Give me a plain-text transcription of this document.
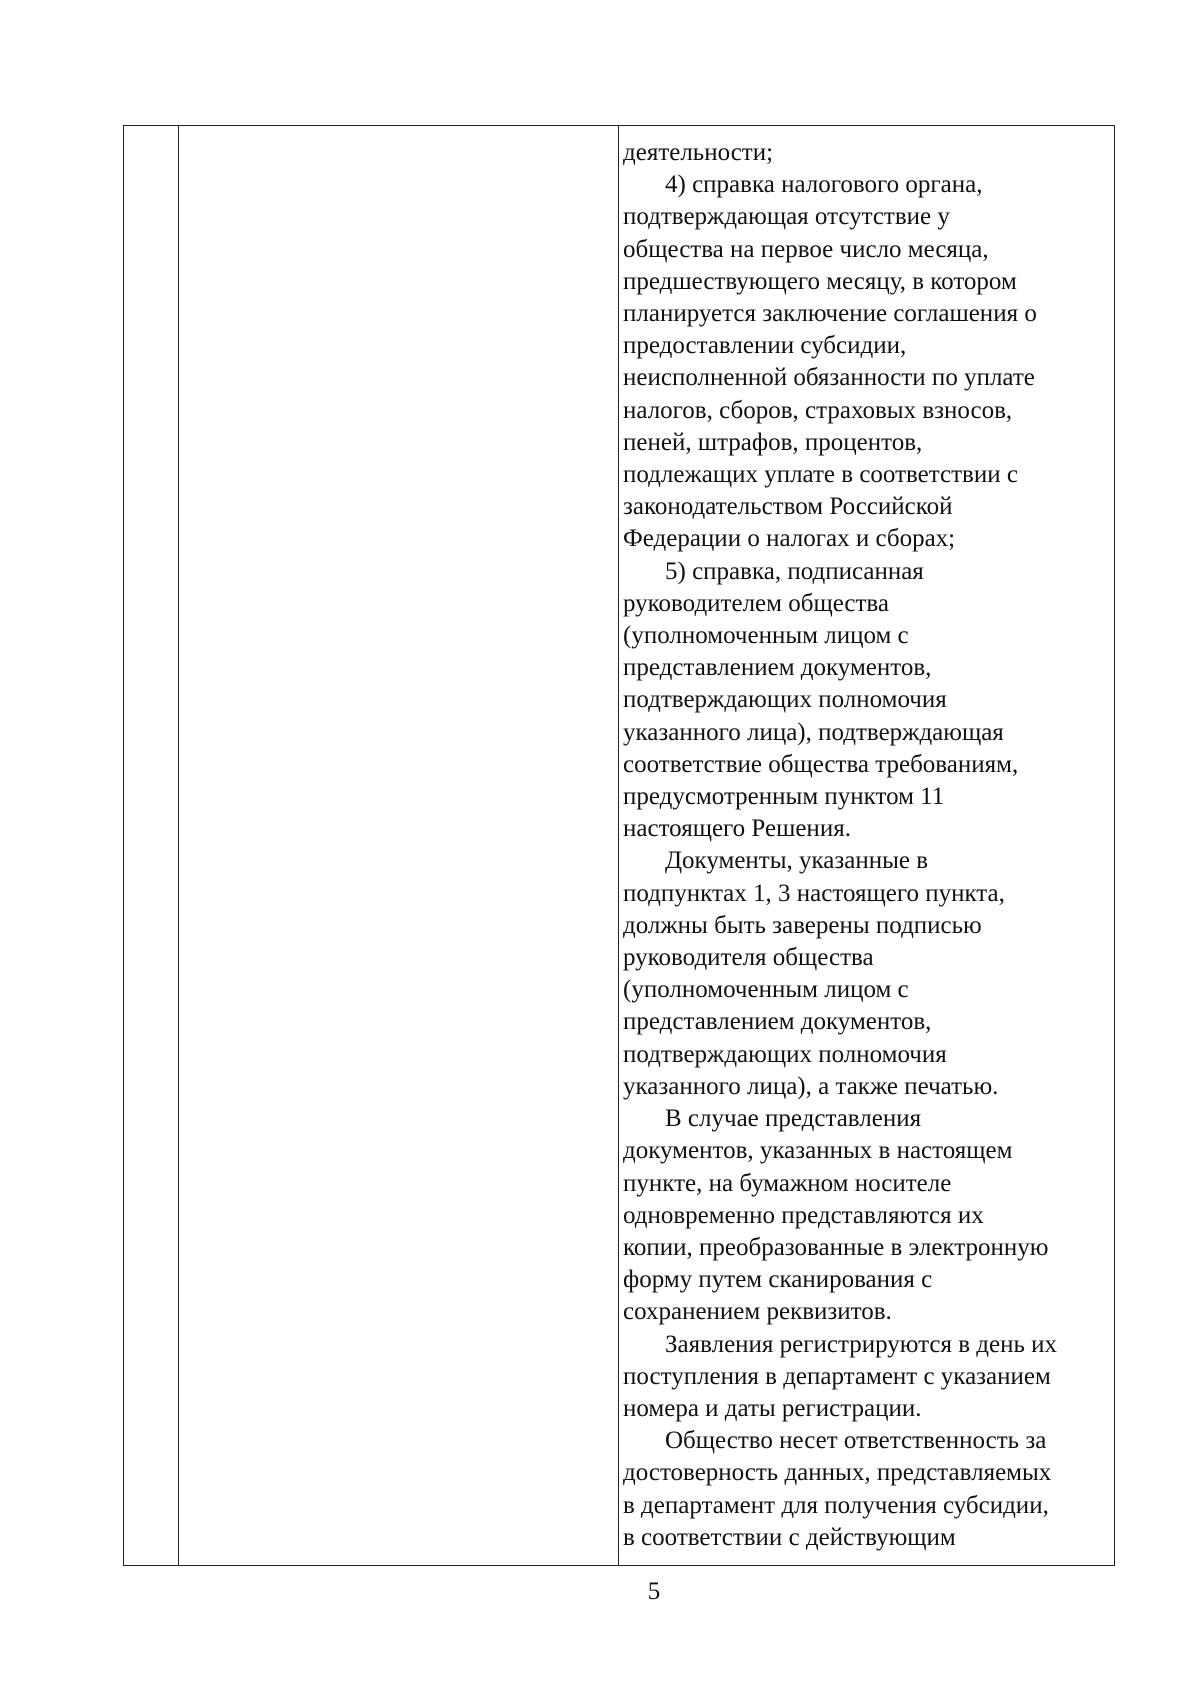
деятельности;
4) справка налогового органа,
подтверждающая отсутствие у
общества на первое число месяца,
предшествующего месяцу, в котором
планируется заключение соглашения о
предоставлении субсидии,
неисполненной обязанности по уплате
налогов, сборов, страховых взносов,
пеней, штрафов, процентов,
подлежащих уплате в соответствии с
законодательством Российской
Федерации о налогах и сборах;
5) справка, подписанная
руководителем общества
(уполномоченным лицом с
представлением документов,
подтверждающих полномочия
указанного лица), подтверждающая
соответствие общества требованиям,
предусмотренным пунктом 11
настоящего Решения.
Документы, указанные в
подпунктах 1, 3 настоящего пункта,
должны быть заверены подписью
руководителя общества
(уполномоченным лицом с
представлением документов,
подтверждающих полномочия
указанного лица), а также печатью.
В случае представления
документов, указанных в настоящем
пункте, на бумажном носителе
одновременно представляются их
копии, преобразованные в электронную
форму путем сканирования с
сохранением реквизитов.
Заявления регистрируются в день их
поступления в департамент с указанием
номера и даты регистрации.
Общество несет ответственность за
достоверность данных, представляемых
в департамент для получения субсидии,
в соответствии с действующим
5
